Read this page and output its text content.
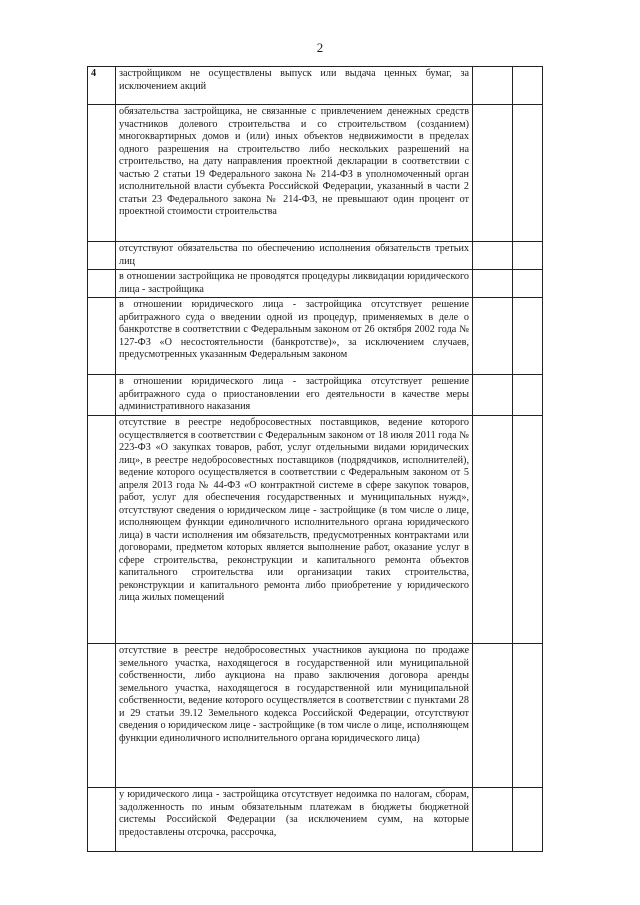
2
4	застройщиком не осуществлены выпуск или выдача ценных бумаг, за исключением акций		
	обязательства застройщика, не связанные с привлечением денежных средств участников долевого строительства и со строительством (созданием) многоквартирных домов и (или) иных объектов недвижимости в пределах одного разрешения на строительство либо нескольких разрешений на строительство, на дату направления проектной декларации в соответствии с частью 2 статьи 19 Федерального закона № 214-ФЗ в уполномоченный орган исполнительной власти субъекта Российской Федерации, указанный в части 2 статьи 23 Федерального закона № 214-ФЗ, не превышают один процент от проектной стоимости строительства		
	отсутствуют обязательства по обеспечению исполнения обязательств третьих лиц		
	в отношении застройщика не проводятся процедуры ликвидации юридического лица - застройщика		
	в отношении юридического лица - застройщика отсутствует решение арбитражного суда о введении одной из процедур, применяемых в деле о банкротстве в соответствии с Федеральным законом от 26 октября 2002 года № 127-ФЗ «О несостоятельности (банкротстве)», за исключением случаев, предусмотренных указанным Федеральным законом		
	в отношении юридического лица - застройщика отсутствует решение арбитражного суда о приостановлении его деятельности в качестве меры административного наказания		
	отсутствие в реестре недобросовестных поставщиков, ведение которого осуществляется в соответствии с Федеральным законом от 18 июля 2011 года № 223-ФЗ «О закупках товаров, работ, услуг отдельными видами юридических лиц», в реестре недобросовестных поставщиков (подрядчиков, исполнителей), ведение которого осуществляется в соответствии с Федеральным законом от 5 апреля 2013 года № 44-ФЗ «О контрактной системе в сфере закупок товаров, работ, услуг для обеспечения государственных и муниципальных нужд», отсутствуют сведения о юридическом лице - застройщике (в том числе о лице, исполняющем функции единоличного исполнительного органа юридического лица) в части исполнения им обязательств, предусмотренных контрактами или договорами, предметом которых является выполнение работ, оказание услуг в сфере строительства, реконструкции и капитального ремонта объектов капитального строительства или организации таких строительства, реконструкции и капитального ремонта либо приобретение у юридического лица жилых помещений		
	отсутствие в реестре недобросовестных участников аукциона по продаже земельного участка, находящегося в государственной или муниципальной собственности, либо аукциона на право заключения договора аренды земельного участка, находящегося в государственной или муниципальной собственности, ведение которого осуществляется в соответствии с пунктами 28 и 29 статьи 39.12 Земельного кодекса Российской Федерации, отсутствуют сведения о юридическом лице - застройщике (в том числе о лице, исполняющем функции единоличного исполнительного органа юридического лица)		
	у юридического лица - застройщика отсутствует недоимка по налогам, сборам, задолженность по иным обязательным платежам в бюджеты бюджетной системы Российской Федерации (за исключением сумм, на которые предоставлены отсрочка, рассрочка,		
